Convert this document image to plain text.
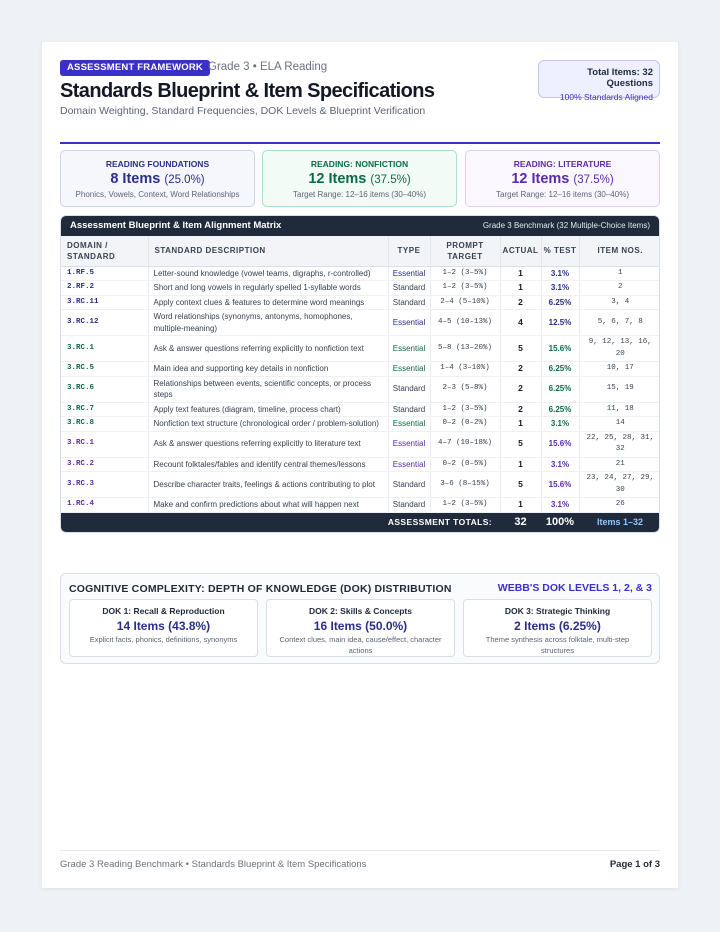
ASSESSMENT FRAMEWORK Grade 3 • ELA Reading
Standards Blueprint & Item Specifications
Domain Weighting, Standard Frequencies, DOK Levels & Blueprint Verification
Total Items: 32 Questions
100% Standards Aligned
READING FOUNDATIONS
8 Items (25.0%)
Phonics, Vowels, Context, Word Relationships
READING: NONFICTION
12 Items (37.5%)
Target Range: 12–16 items (30–40%)
READING: LITERATURE
12 Items (37.5%)
Target Range: 12–16 items (30–40%)
Assessment Blueprint & Item Alignment Matrix	Grade 3 Benchmark (32 Multiple-Choice Items)
DOMAIN / STANDARD	STANDARD DESCRIPTION	TYPE	PROMPT TARGET	ACTUAL	% TEST	ITEM NOS.
1.RF.5	Letter-sound knowledge (vowel teams, digraphs, r-controlled)	Essential	1–2 (3–5%)	1	3.1%	1
2.RF.2	Short and long vowels in regularly spelled 1-syllable words	Standard	1–2 (3–5%)	1	3.1%	2
3.RC.11	Apply context clues & features to determine word meanings	Standard	2–4 (5–10%)	2	6.25%	3, 4
3.RC.12	Word relationships (synonyms, antonyms, homophones, multiple-meaning)	Essential	4–5 (10–13%)	4	12.5%	5, 6, 7, 8
3.RC.1	Ask & answer questions referring explicitly to nonfiction text	Essential	5–8 (13–20%)	5	15.6%	9, 12, 13, 16, 20
3.RC.5	Main idea and supporting key details in nonfiction	Essential	1–4 (3–10%)	2	6.25%	10, 17
3.RC.6	Relationships between events, scientific concepts, or process steps	Standard	2–3 (5–8%)	2	6.25%	15, 19
3.RC.7	Apply text features (diagram, timeline, process chart)	Standard	1–2 (3–5%)	2	6.25%	11, 18
3.RC.8	Nonfiction text structure (chronological order / problem-solution)	Essential	0–2 (0–2%)	1	3.1%	14
3.RC.1	Ask & answer questions referring explicitly to literature text	Essential	4–7 (10–18%)	5	15.6%	22, 25, 28, 31, 32
3.RC.2	Recount folktales/fables and identify central themes/lessons	Essential	0–2 (0–5%)	1	3.1%	21
3.RC.3	Describe character traits, feelings & actions contributing to plot	Standard	3–6 (8–15%)	5	15.6%	23, 24, 27, 29, 30
1.RC.4	Make and confirm predictions about what will happen next	Standard	1–2 (3–5%)	1	3.1%	26
ASSESSMENT TOTALS:				32	100%	Items 1–32
COGNITIVE COMPLEXITY: DEPTH OF KNOWLEDGE (DOK) DISTRIBUTION	WEBB'S DOK LEVELS 1, 2, & 3
DOK 1: Recall & Reproduction
14 Items (43.8%)
Explicit facts, phonics, definitions, synonyms
DOK 2: Skills & Concepts
16 Items (50.0%)
Context clues, main idea, cause/effect, character actions
DOK 3: Strategic Thinking
2 Items (6.25%)
Theme synthesis across folktale, multi-step structures
Grade 3 Reading Benchmark • Standards Blueprint & Item Specifications	Page 1 of 3
